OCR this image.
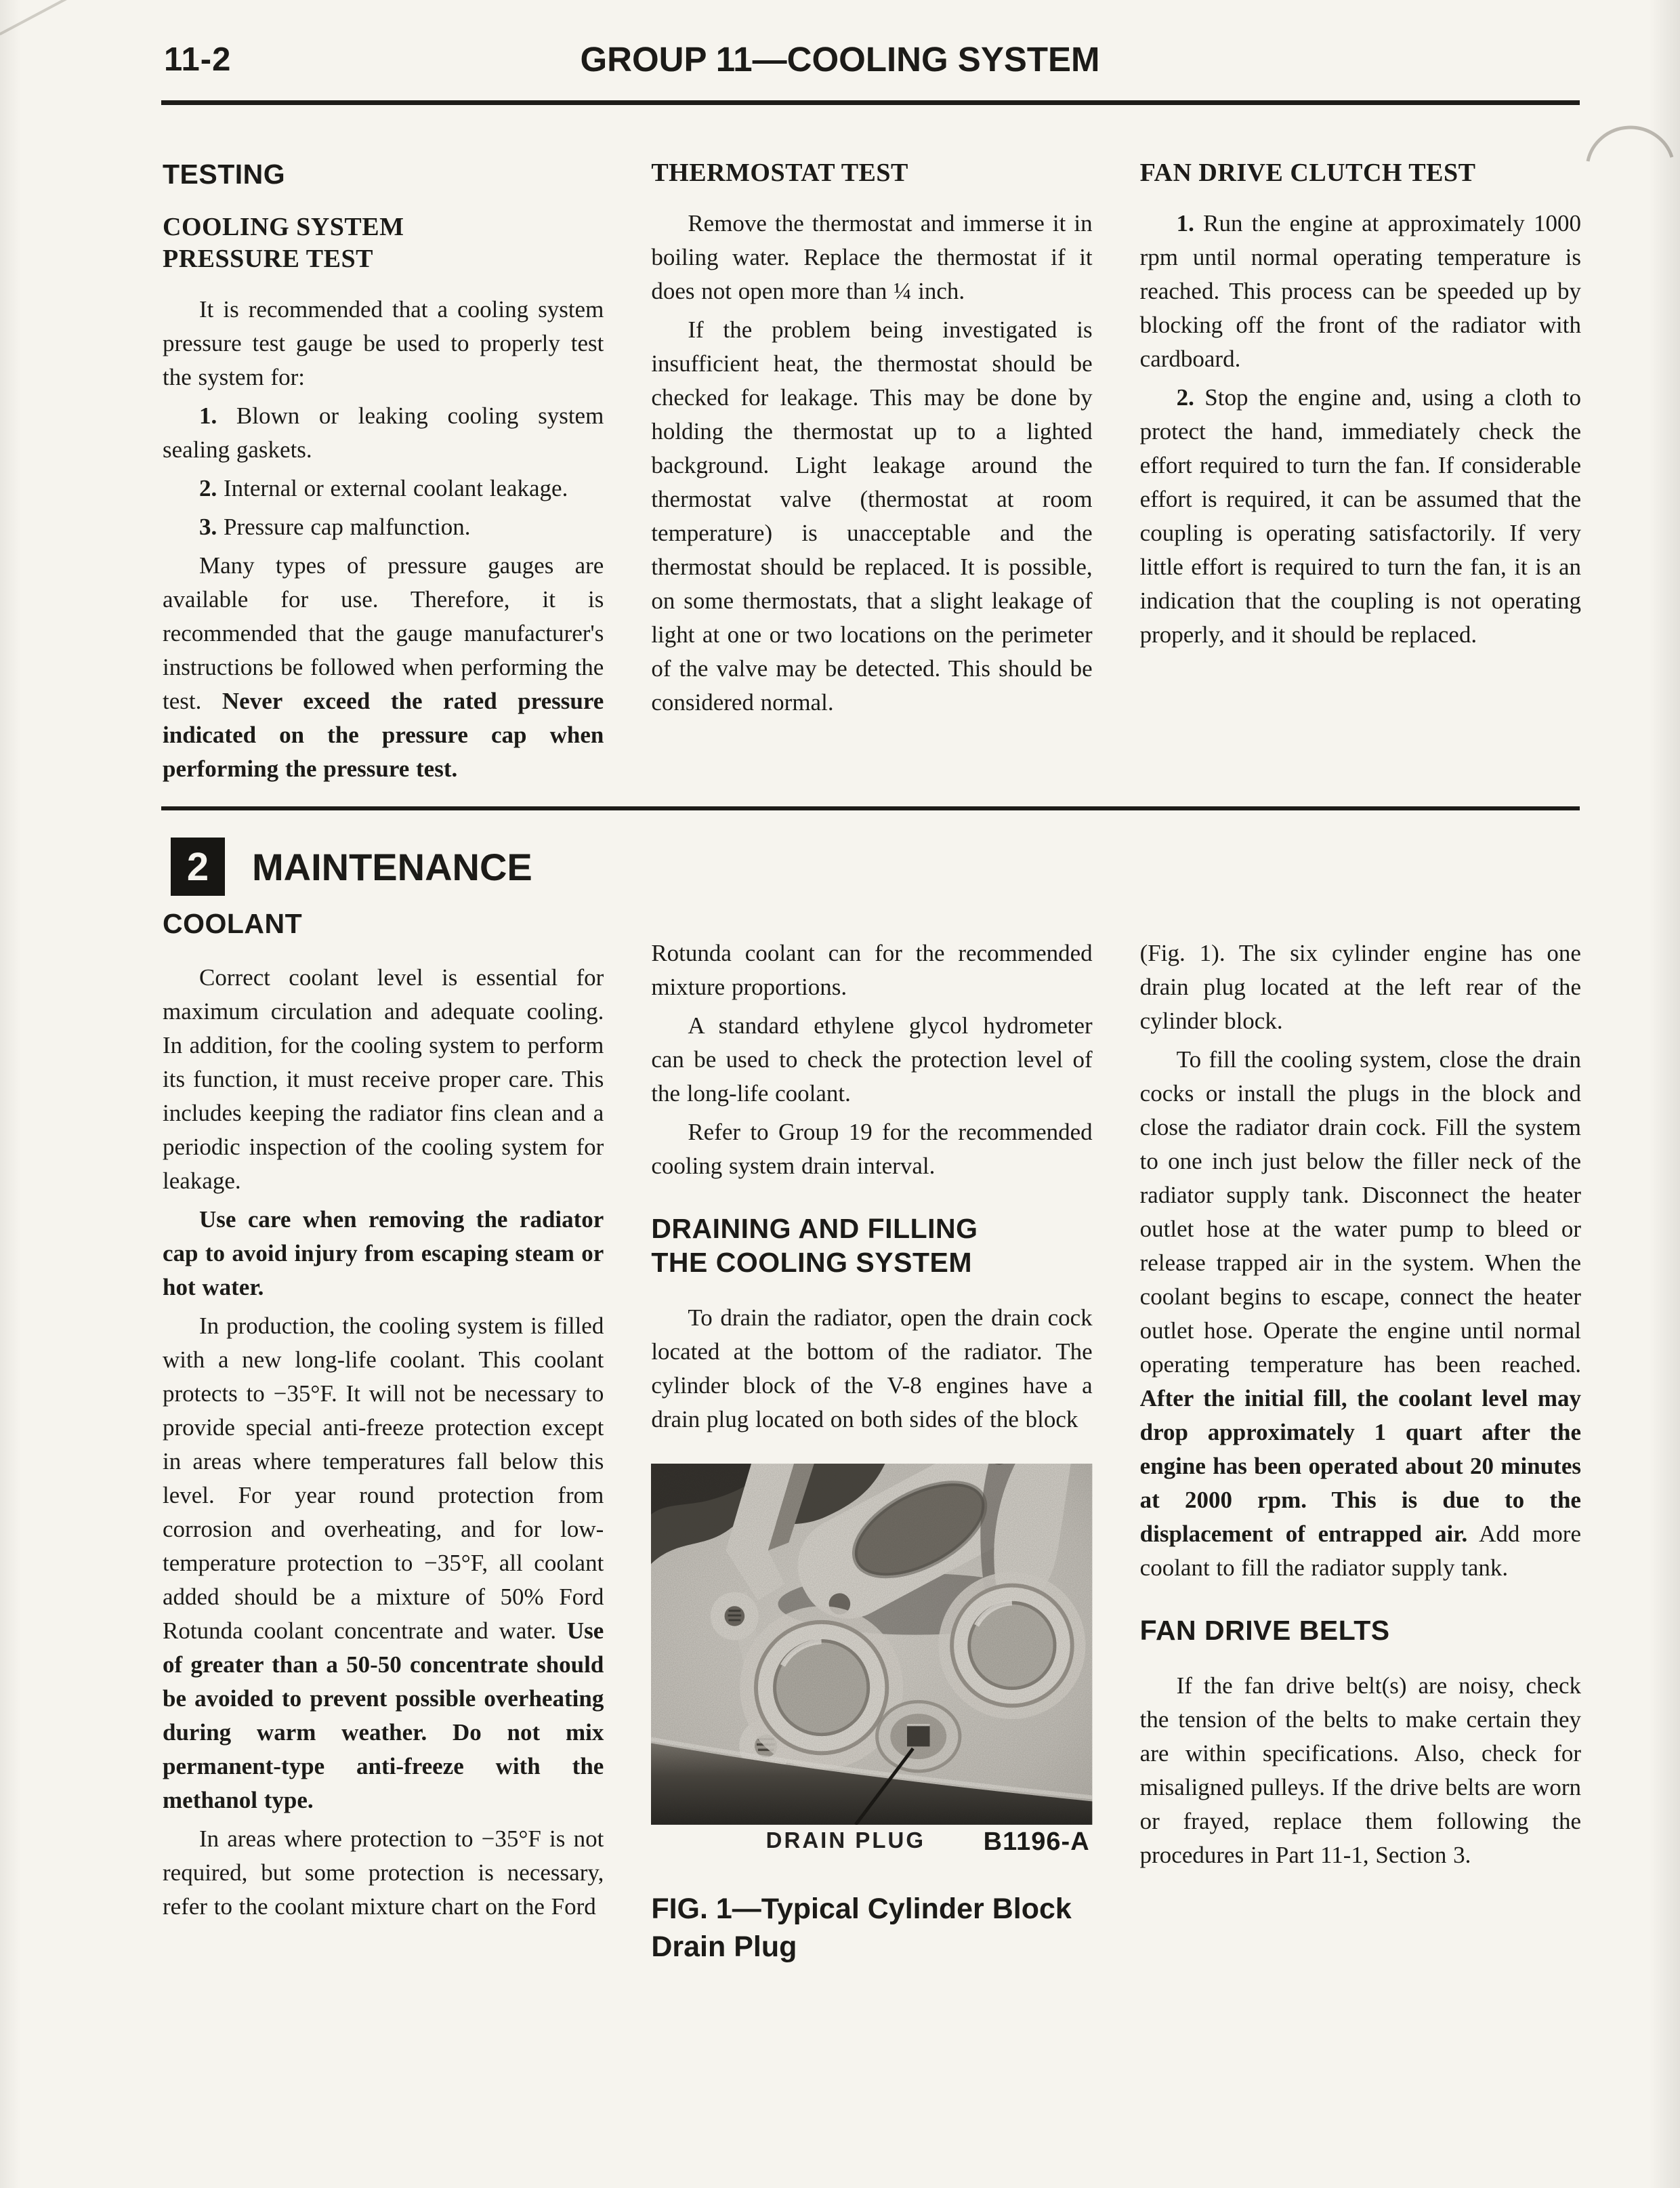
11-2	GROUP 11—COOLING SYSTEM
TESTING
COOLING SYSTEM
PRESSURE TEST

It is recommended that a cooling system pressure test gauge be used to properly test the system for:

1. Blown or leaking cooling system sealing gaskets.

2. Internal or external coolant leakage.

3. Pressure cap malfunction.

Many types of pressure gauges are available for use. Therefore, it is recommended that the gauge manufacturer's instructions be followed when performing the test. Never exceed the rated pressure indicated on the pressure cap when performing the pressure test.

THERMOSTAT TEST

Remove the thermostat and immerse it in boiling water. Replace the thermostat if it does not open more than ¼ inch.

If the problem being investigated is insufficient heat, the thermostat should be checked for leakage. This may be done by holding the thermostat up to a lighted background. Light leakage around the thermostat valve (thermostat at room temperature) is unacceptable and the thermostat should be replaced. It is possible, on some thermostats, that a slight leakage of light at one or two locations on the perimeter of the valve may be detected. This should be considered normal.

FAN DRIVE CLUTCH TEST

1. Run the engine at approximately 1000 rpm until normal operating temperature is reached. This process can be speeded up by blocking off the front of the radiator with cardboard.

2. Stop the engine and, using a cloth to protect the hand, immediately check the effort required to turn the fan. If considerable effort is required, it can be assumed that the coupling is operating satisfactorily. If very little effort is required to turn the fan, it is an indication that the coupling is not operating properly, and it should be replaced.

2	MAINTENANCE
COOLANT

Correct coolant level is essential for maximum circulation and adequate cooling. In addition, for the cooling system to perform its function, it must receive proper care. This includes keeping the radiator fins clean and a periodic inspection of the cooling system for leakage.

Use care when removing the radiator cap to avoid injury from escaping steam or hot water.

In production, the cooling system is filled with a new long-life coolant. This coolant protects to −35°F. It will not be necessary to provide special anti-freeze protection except in areas where temperatures fall below this level. For year round protection from corrosion and overheating, and for low-temperature protection to −35°F, all coolant added should be a mixture of 50% Ford Rotunda coolant concentrate and water. Use of greater than a 50-50 concentrate should be avoided to prevent possible overheating during warm weather. Do not mix permanent-type anti-freeze with the methanol type.

In areas where protection to −35°F is not required, but some protection is necessary, refer to the coolant mixture chart on the Ford

Rotunda coolant can for the recommended mixture proportions.

A standard ethylene glycol hydrometer can be used to check the protection level of the long-life coolant.

Refer to Group 19 for the recommended cooling system drain interval.

DRAINING AND FILLING
THE COOLING SYSTEM

To drain the radiator, open the drain cock located at the bottom of the radiator. The cylinder block of the V-8 engines have a drain plug located on both sides of the block

DRAIN PLUG B1196-A
FIG. 1—Typical Cylinder Block
Drain Plug

(Fig. 1). The six cylinder engine has one drain plug located at the left rear of the cylinder block.

To fill the cooling system, close the drain cocks or install the plugs in the block and close the radiator drain cock. Fill the system to one inch just below the filler neck of the radiator supply tank. Disconnect the heater outlet hose at the water pump to bleed or release trapped air in the system. When the coolant begins to escape, connect the heater outlet hose. Operate the engine until normal operating temperature has been reached. After the initial fill, the coolant level may drop approximately 1 quart after the engine has been operated about 20 minutes at 2000 rpm. This is due to the displacement of entrapped air. Add more coolant to fill the radiator supply tank.

FAN DRIVE BELTS

If the fan drive belt(s) are noisy, check the tension of the belts to make certain they are within specifications. Also, check for misaligned pulleys. If the drive belts are worn or frayed, replace them following the procedures in Part 11-1, Section 3.
